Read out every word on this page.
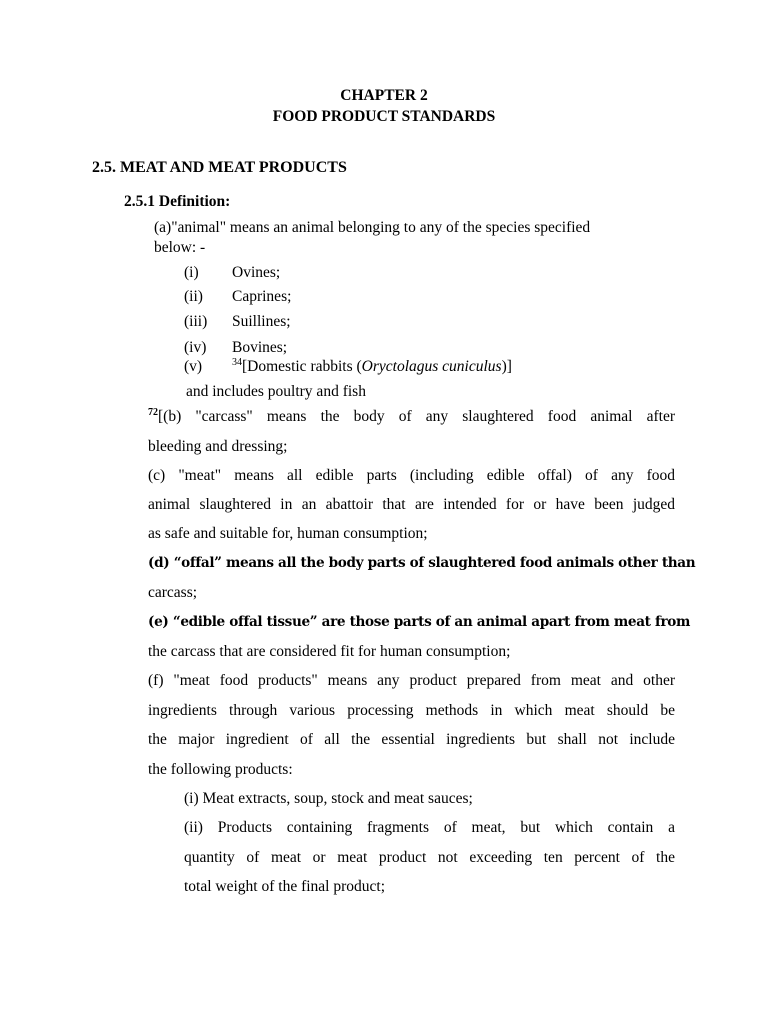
CHAPTER 2
FOOD PRODUCT STANDARDS
2.5. MEAT AND MEAT PRODUCTS
2.5.1 Definition:
(a)"animal" means an animal belonging to any of the species specified
below: -
(i) Ovines;
(ii) Caprines;
(iii) Suillines;
(iv) Bovines;
(v)	$^{34}$[Domestic rabbits (Oryctolagus cuniculus)]
and includes poultry and fish
$^{72}$[(b) "carcass" means the body of any slaughtered food animal after
bleeding and dressing;
(c) "meat" means all edible parts (including edible offal) of any food
animal slaughtered in an abattoir that are intended for or have been judged
as safe and suitable for, human consumption;
(d) “offal” means all the body parts of slaughtered food animals other than
carcass;
(e) “edible offal tissue” are those parts of an animal apart from meat from
the carcass that are considered fit for human consumption;
(f) "meat food products" means any product prepared from meat and other
ingredients through various processing methods in which meat should be
the major ingredient of all the essential ingredients but shall not include
the following products:
(i) Meat extracts, soup, stock and meat sauces;
(ii) Products containing fragments of meat, but which contain a
quantity of meat or meat product not exceeding ten percent of the
total weight of the final product;
